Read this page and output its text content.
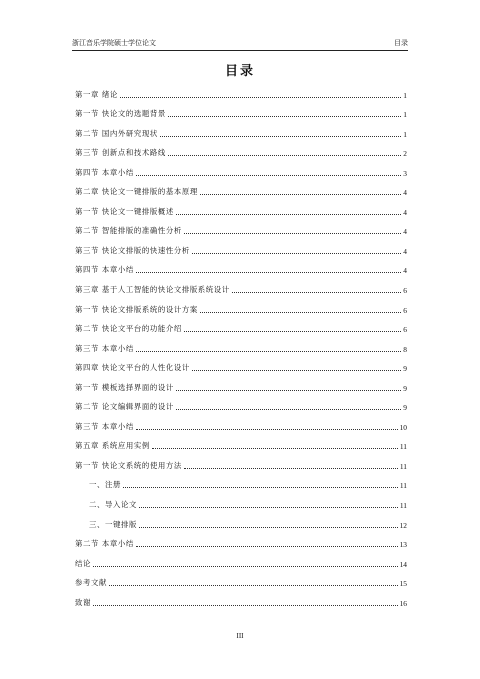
浙江音乐学院硕士学位论文	目录
目录
第一章 绪论	1
第一节 快论文的选题背景	1
第二节 国内外研究现状	1
第三节 创新点和技术路线	2
第四节 本章小结	3
第二章 快论文一键排版的基本原理	4
第一节 快论文一键排版概述	4
第二节 智能排版的准确性分析	4
第三节 快论文排版的快速性分析	4
第四节 本章小结	4
第三章 基于人工智能的快论文排版系统设计	6
第一节 快论文排版系统的设计方案	6
第二节 快论文平台的功能介绍	6
第三节 本章小结	8
第四章 快论文平台的人性化设计	9
第一节 模板选择界面的设计	9
第二节 论文编辑界面的设计	9
第三节 本章小结	10
第五章 系统应用实例	11
第一节 快论文系统的使用方法	11
一、注册	11
二、导入论文	11
三、一键排版	12
第二节 本章小结	13
结论	14
参考文献	15
致谢	16
III
